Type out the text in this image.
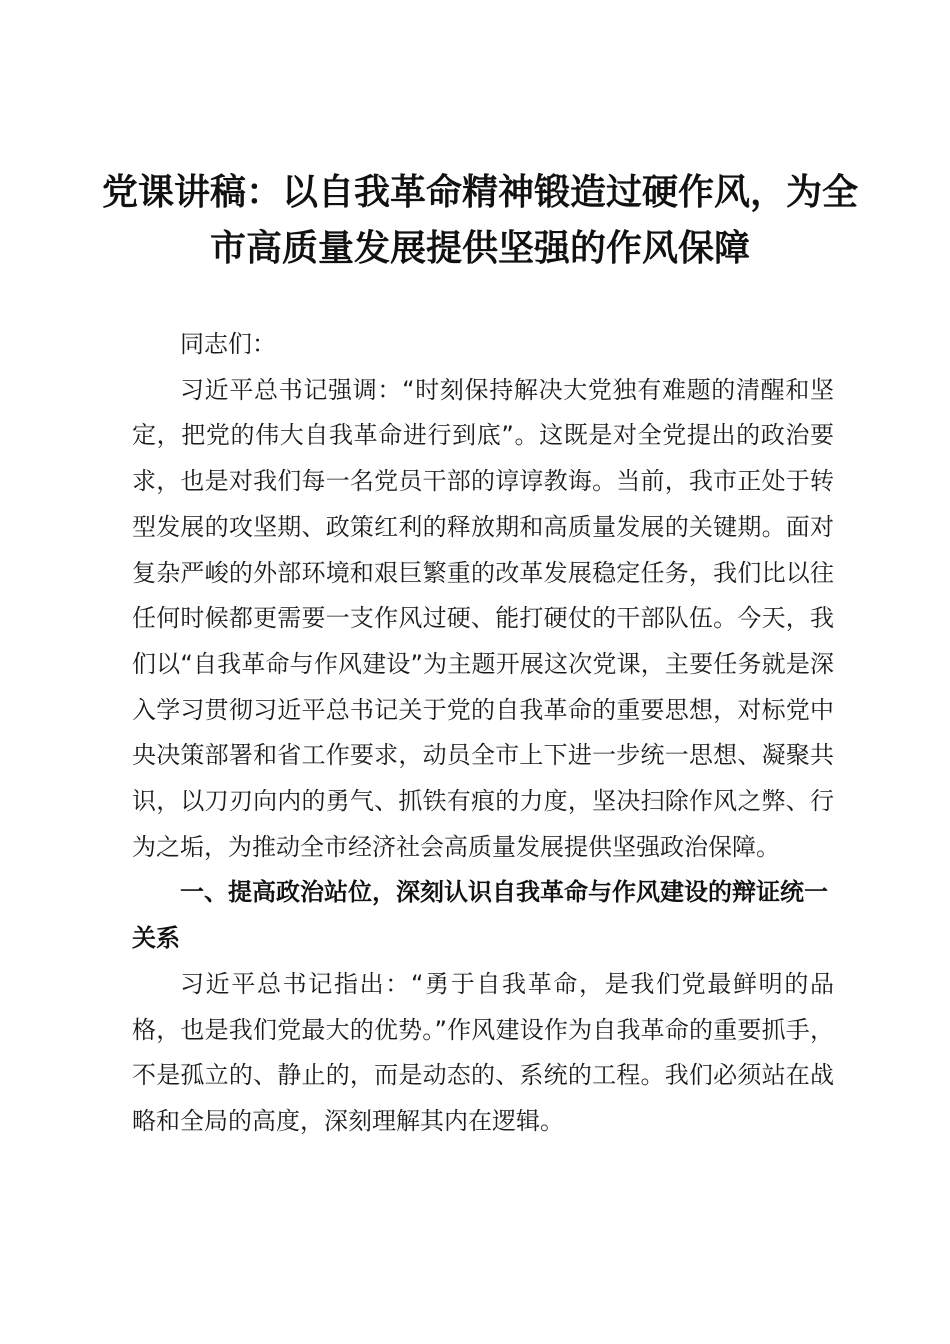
党课讲稿：以自我革命精神锻造过硬作风，为全市高质量发展提供坚强的作风保障

同志们：

习近平总书记强调：“时刻保持解决大党独有难题的清醒和坚定，把党的伟大自我革命进行到底”。这既是对全党提出的政治要求，也是对我们每一名党员干部的谆谆教诲。当前，我市正处于转型发展的攻坚期、政策红利的释放期和高质量发展的关键期。面对复杂严峻的外部环境和艰巨繁重的改革发展稳定任务，我们比以往任何时候都更需要一支作风过硬、能打硬仗的干部队伍。今天，我们以“自我革命与作风建设”为主题开展这次党课，主要任务就是深入学习贯彻习近平总书记关于党的自我革命的重要思想，对标党中央决策部署和省工作要求，动员全市上下进一步统一思想、凝聚共识，以刀刃向内的勇气、抓铁有痕的力度，坚决扫除作风之弊、行为之垢，为推动全市经济社会高质量发展提供坚强政治保障。

一、提高政治站位，深刻认识自我革命与作风建设的辩证统一关系

习近平总书记指出：“勇于自我革命，是我们党最鲜明的品格，也是我们党最大的优势。”作风建设作为自我革命的重要抓手，不是孤立的、静止的，而是动态的、系统的工程。我们必须站在战略和全局的高度，深刻理解其内在逻辑。
